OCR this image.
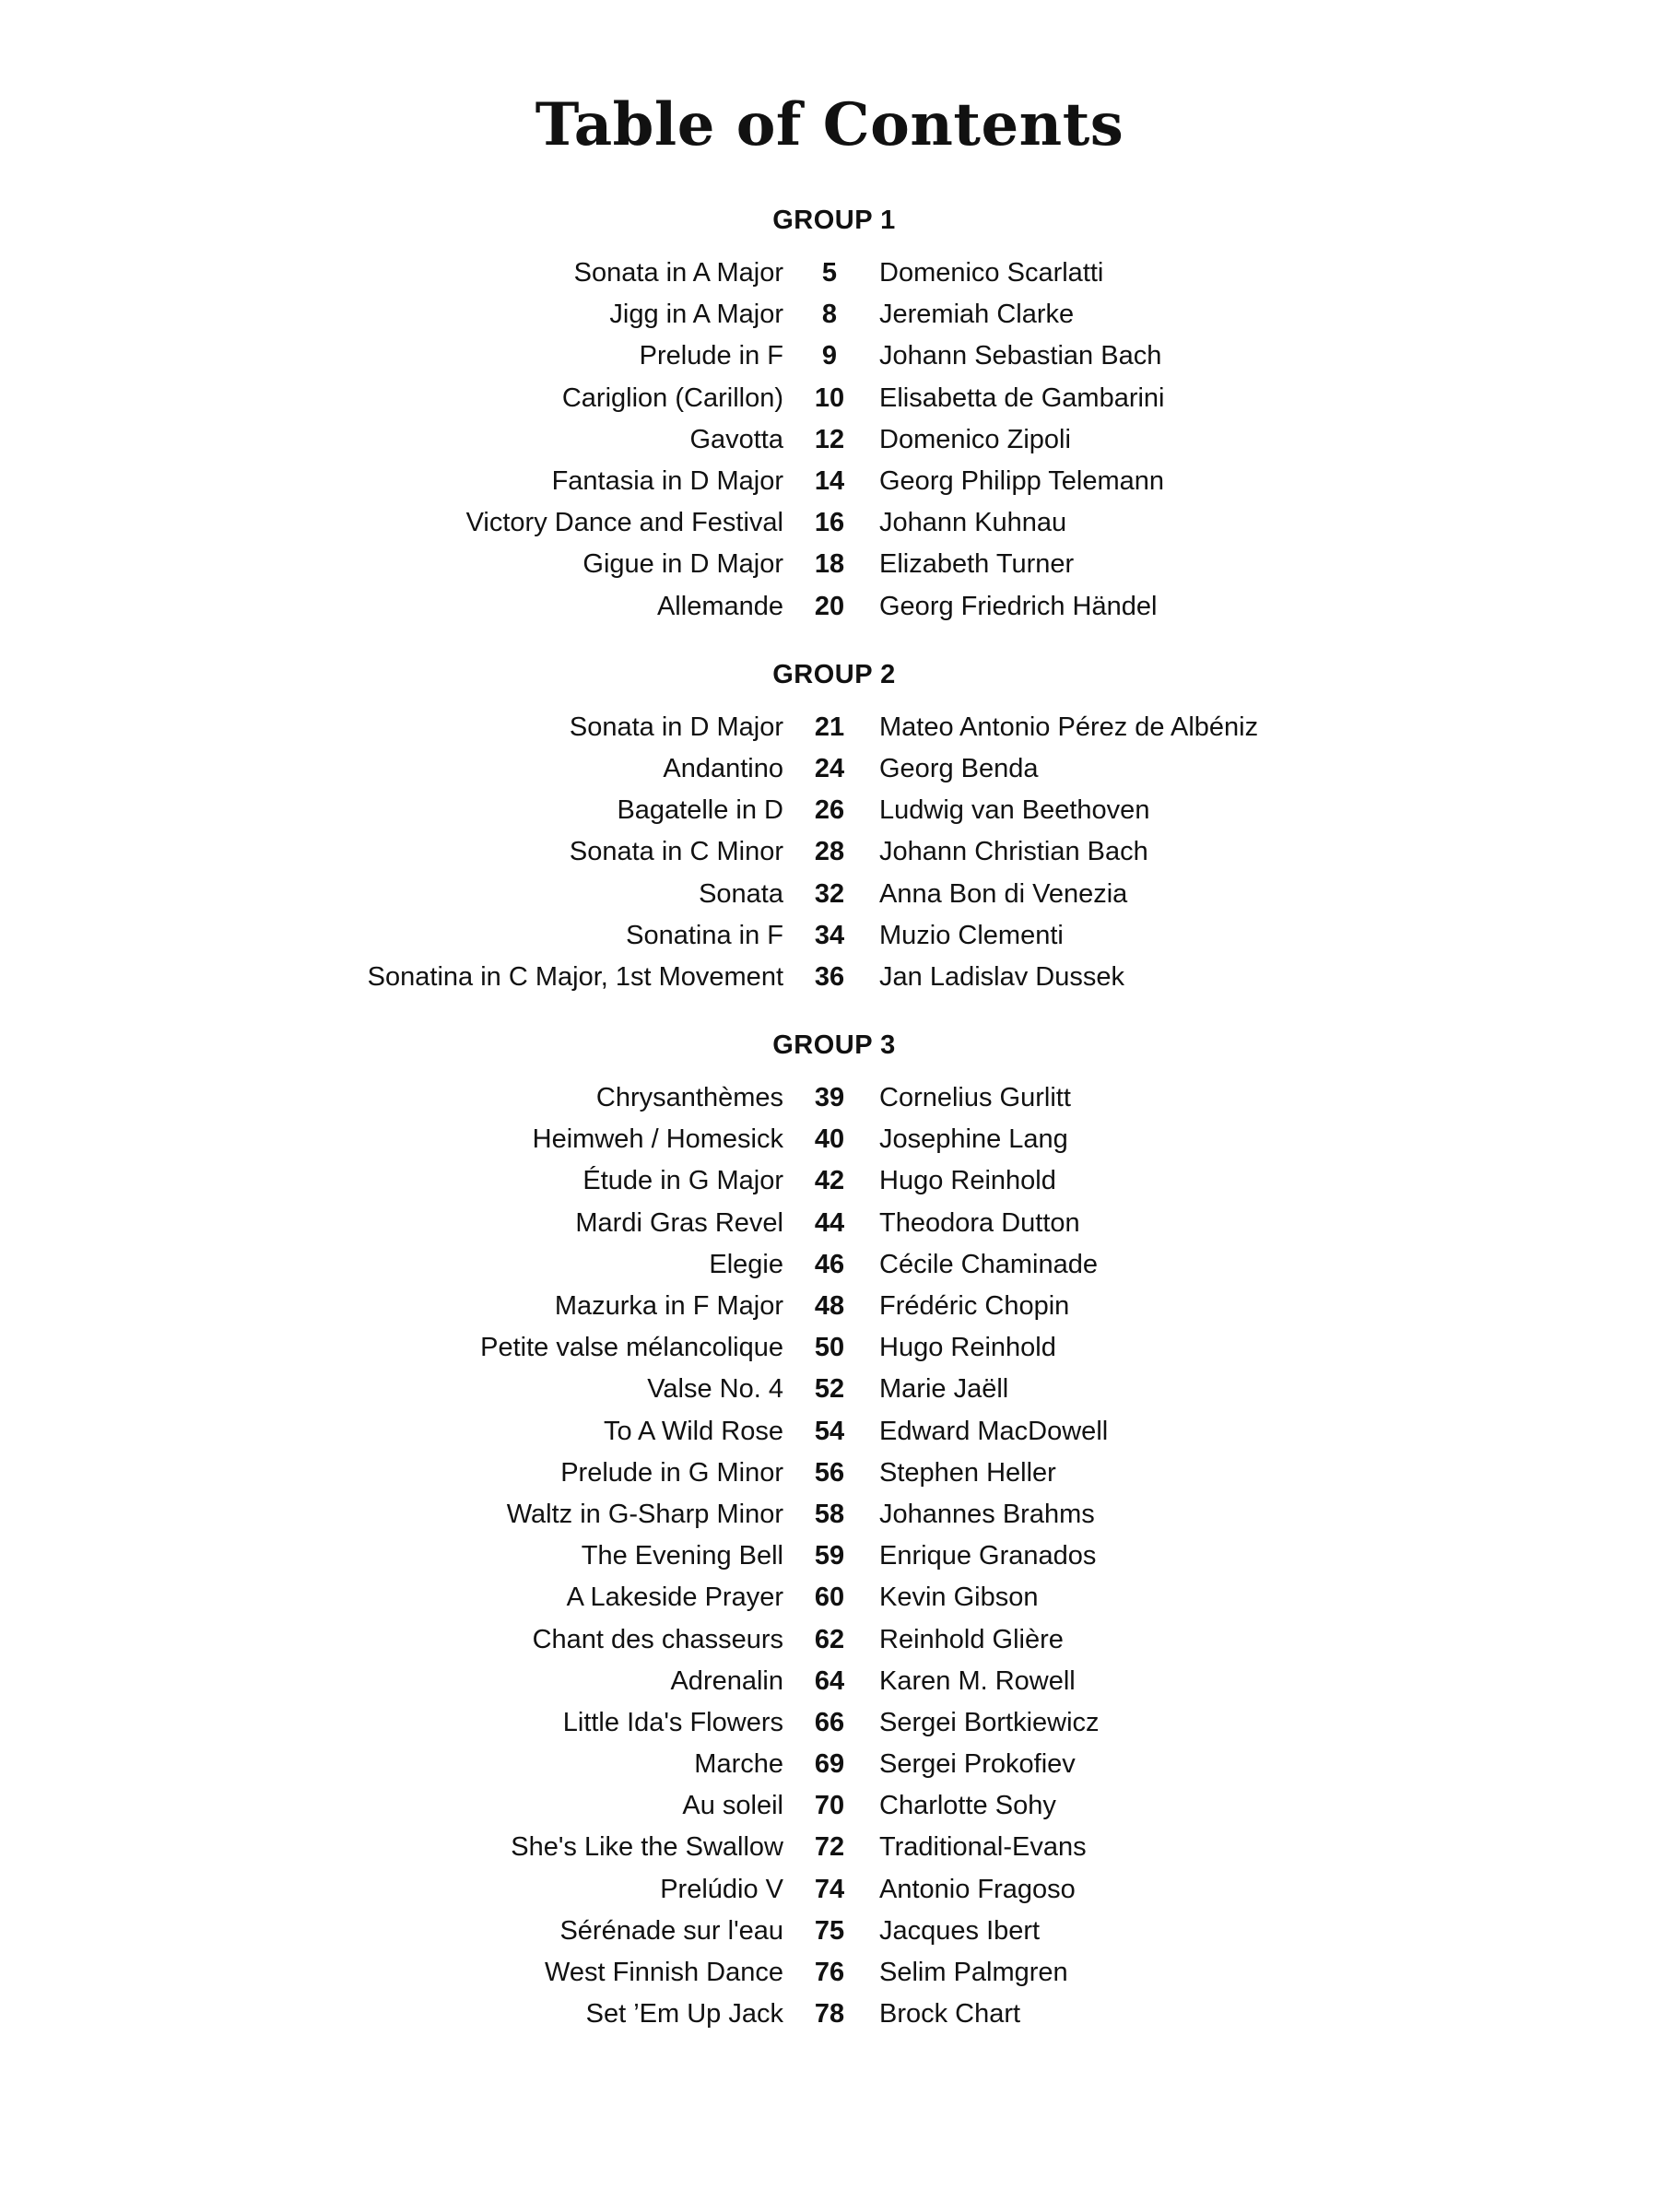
Table of Contents
GROUP 1
Sonata in A Major	5	Domenico Scarlatti
Jigg in A Major	8	Jeremiah Clarke
Prelude in F	9	Johann Sebastian Bach
Cariglion (Carillon)	10	Elisabetta de Gambarini
Gavotta	12	Domenico Zipoli
Fantasia in D Major	14	Georg Philipp Telemann
Victory Dance and Festival	16	Johann Kuhnau
Gigue in D Major	18	Elizabeth Turner
Allemande	20	Georg Friedrich Händel
GROUP 2
Sonata in D Major	21	Mateo Antonio Pérez de Albéniz
Andantino	24	Georg Benda
Bagatelle in D	26	Ludwig van Beethoven
Sonata in C Minor	28	Johann Christian Bach
Sonata	32	Anna Bon di Venezia
Sonatina in F	34	Muzio Clementi
Sonatina in C Major, 1st Movement	36	Jan Ladislav Dussek
GROUP 3
Chrysanthèmes	39	Cornelius Gurlitt
Heimweh / Homesick	40	Josephine Lang
Étude in G Major	42	Hugo Reinhold
Mardi Gras Revel	44	Theodora Dutton
Elegie	46	Cécile Chaminade
Mazurka in F Major	48	Frédéric Chopin
Petite valse mélancolique	50	Hugo Reinhold
Valse No. 4	52	Marie Jaëll
To A Wild Rose	54	Edward MacDowell
Prelude in G Minor	56	Stephen Heller
Waltz in G-Sharp Minor	58	Johannes Brahms
The Evening Bell	59	Enrique Granados
A Lakeside Prayer	60	Kevin Gibson
Chant des chasseurs	62	Reinhold Glière
Adrenalin	64	Karen M. Rowell
Little Ida's Flowers	66	Sergei Bortkiewicz
Marche	69	Sergei Prokofiev
Au soleil	70	Charlotte Sohy
She's Like the Swallow	72	Traditional-Evans
Prelúdio V	74	Antonio Fragoso
Sérénade sur l'eau	75	Jacques Ibert
West Finnish Dance	76	Selim Palmgren
Set ’Em Up Jack	78	Brock Chart
